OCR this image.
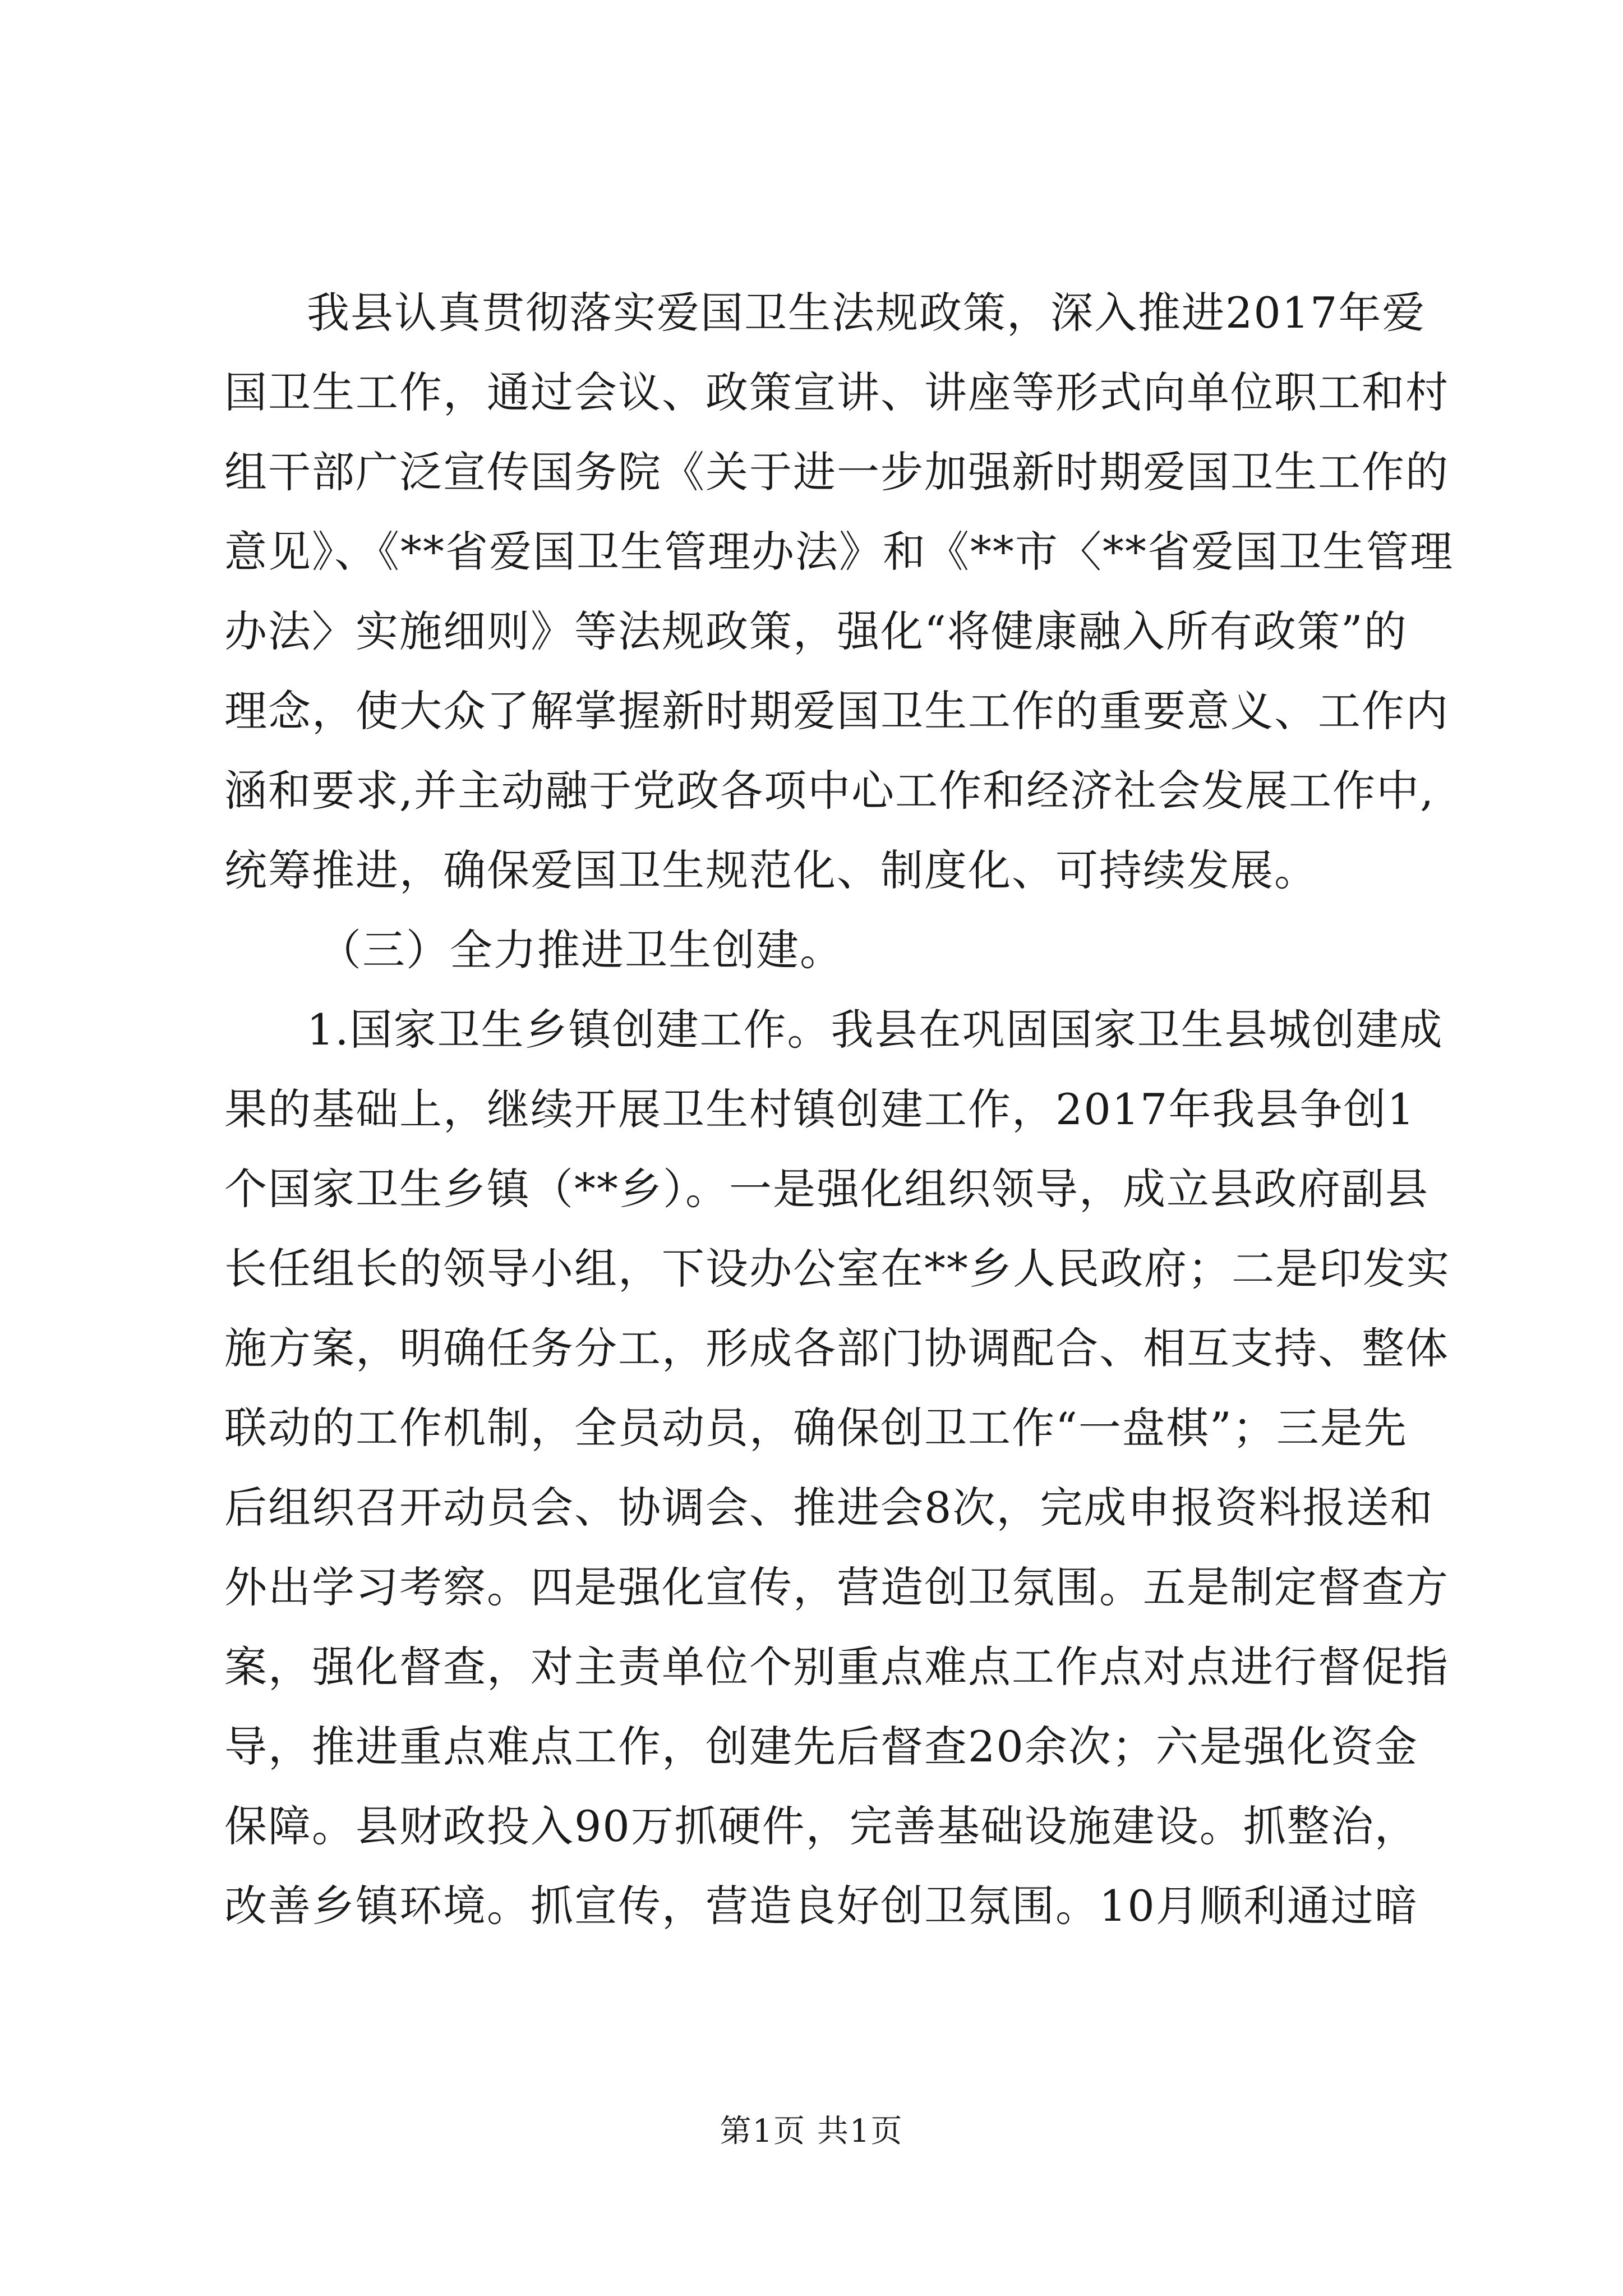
我县认真贯彻落实爱国卫生法规政策，深入推进2017年爱
国卫生工作，通过会议、政策宣讲、讲座等形式向单位职工和村
组干部广泛宣传国务院《关于进一步加强新时期爱国卫生工作的
意见》、《**省爱国卫生管理办法》和《**市〈**省爱国卫生管理
办法〉实施细则》等法规政策，强化“将健康融入所有政策”的
理念，使大众了解掌握新时期爱国卫生工作的重要意义、工作内
涵和要求,并主动融于党政各项中心工作和经济社会发展工作中,
统筹推进，确保爱国卫生规范化、制度化、可持续发展。
（三）全力推进卫生创建。
1.国家卫生乡镇创建工作。我县在巩固国家卫生县城创建成
果的基础上，继续开展卫生村镇创建工作，2017年我县争创1
个国家卫生乡镇（**乡）。一是强化组织领导，成立县政府副县
长任组长的领导小组，下设办公室在**乡人民政府；二是印发实
施方案，明确任务分工，形成各部门协调配合、相互支持、整体
联动的工作机制，全员动员，确保创卫工作“一盘棋”；三是先
后组织召开动员会、协调会、推进会8次，完成申报资料报送和
外出学习考察。四是强化宣传，营造创卫氛围。五是制定督查方
案，强化督查，对主责单位个别重点难点工作点对点进行督促指
导，推进重点难点工作，创建先后督查20余次；六是强化资金
保障。县财政投入90万抓硬件，完善基础设施建设。抓整治，
改善乡镇环境。抓宣传，营造良好创卫氛围。10月顺利通过暗
第1页 共1页
